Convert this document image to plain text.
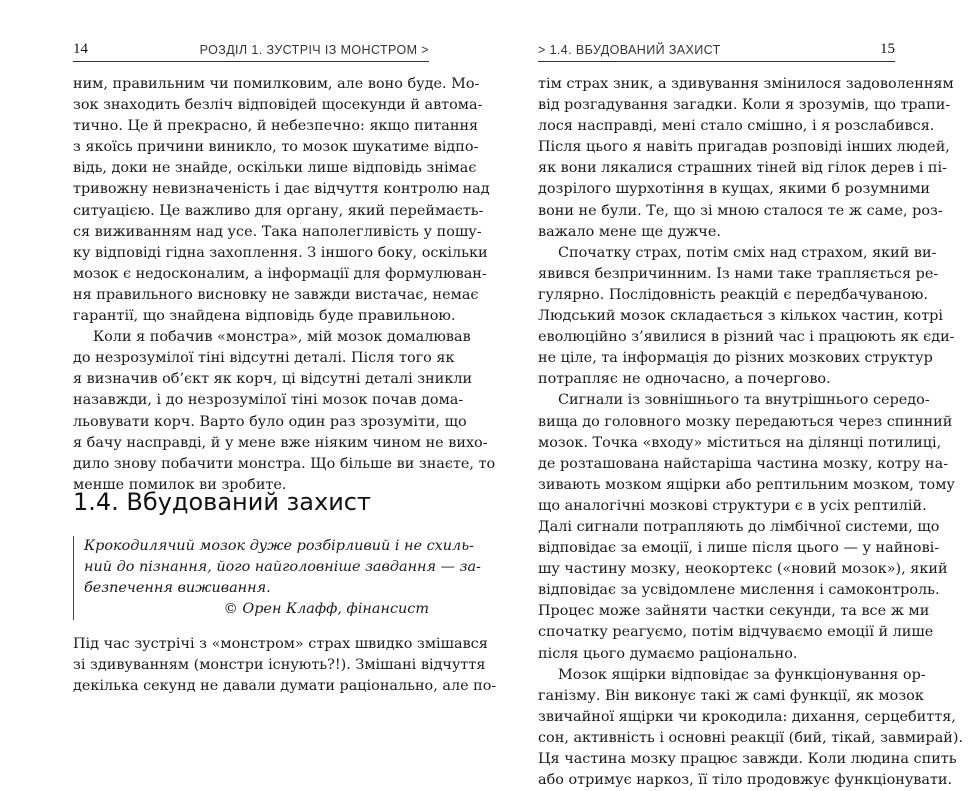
14	РОЗДІЛ 1. ЗУСТРІЧ ІЗ МОНСТРОМ >
ним, правильним чи помилковим, але воно буде. Мо-
зок знаходить безліч відповідей щосекунди й автома-
тично. Це й прекрасно, й небезпечно: якщо питання
з якоїсь причини виникло, то мозок шукатиме відпо-
відь, доки не знайде, оскільки лише відповідь знімає
тривожну невизначеність і дає відчуття контролю над
ситуацією. Це важливо для органу, який переймаєть-
ся виживанням над усе. Така наполегливість у пошу-
ку відповіді гідна захоплення. З іншого боку, оскільки
мозок є недосконалим, а інформації для формулюван-
ня правильного висновку не завжди вистачає, немає
гарантії, що знайдена відповідь буде правильною.
Коли я побачив «монстра», мій мозок домалював
до незрозумілої тіні відсутні деталі. Після того як
я визначив об’єкт як корч, ці відсутні деталі зникли
назавжди, і до незрозумілої тіні мозок почав дома-
льовувати корч. Варто було один раз зрозуміти, що
я бачу насправді, й у мене вже ніяким чином не вихо-
дило знову побачити монстра. Що більше ви знаєте, то
менше помилок ви зробите.
1.4. Вбудований захист
Крокодилячий мозок дуже розбірливий і не схиль-
ний до пізнання, його найголовніше завдання — за-
безпечення виживання.
© Орен Клафф, фінансист
Під час зустрічі з «монстром» страх швидко змішався
зі здивуванням (монстри існують?!). Змішані відчуття
декілька секунд не давали думати раціонально, але по-
> 1.4. ВБУДОВАНИЙ ЗАХИСТ	15
тім страх зник, а здивування змінилося задоволенням
від розгадування загадки. Коли я зрозумів, що трапи-
лося насправді, мені стало смішно, і я розслабився.
Після цього я навіть пригадав розповіді інших людей,
як вони лякалися страшних тіней від гілок дерев і пі-
дозрілого шурхотіння в кущах, якими б розумними
вони не були. Те, що зі мною сталося те ж саме, роз-
важало мене ще дужче.
Спочатку страх, потім сміх над страхом, який ви-
явився безпричинним. Із нами таке трапляється ре-
гулярно. Послідовність реакцій є передбачуваною.
Людський мозок складається з кількох частин, котрі
еволюційно з’явилися в різний час і працюють як єди-
не ціле, та інформація до різних мозкових структур
потрапляє не одночасно, а почергово.
Сигнали із зовнішнього та внутрішнього середо-
вища до головного мозку передаються через спинний
мозок. Точка «входу» міститься на ділянці потилиці,
де розташована найстаріша частина мозку, котру на-
зивають мозком ящірки або рептильним мозком, тому
що аналогічні мозкові структури є в усіх рептилій.
Далі сигнали потрапляють до лімбічної системи, що
відповідає за емоції, і лише після цього — у найнові-
шу частину мозку, неокортекс («новий мозок»), який
відповідає за усвідомлене мислення і самоконтроль.
Процес може зайняти частки секунди, та все ж ми
спочатку реагуємо, потім відчуваємо емоції й лише
після цього думаємо раціонально.
Мозок ящірки відповідає за функціонування ор-
ганізму. Він виконує такі ж самі функції, як мозок
звичайної ящірки чи крокодила: дихання, серцебиття,
сон, активність і основні реакції (бий, тікай, завмирай).
Ця частина мозку працює завжди. Коли людина спить
або отримує наркоз, її тіло продовжує функціонувати.
